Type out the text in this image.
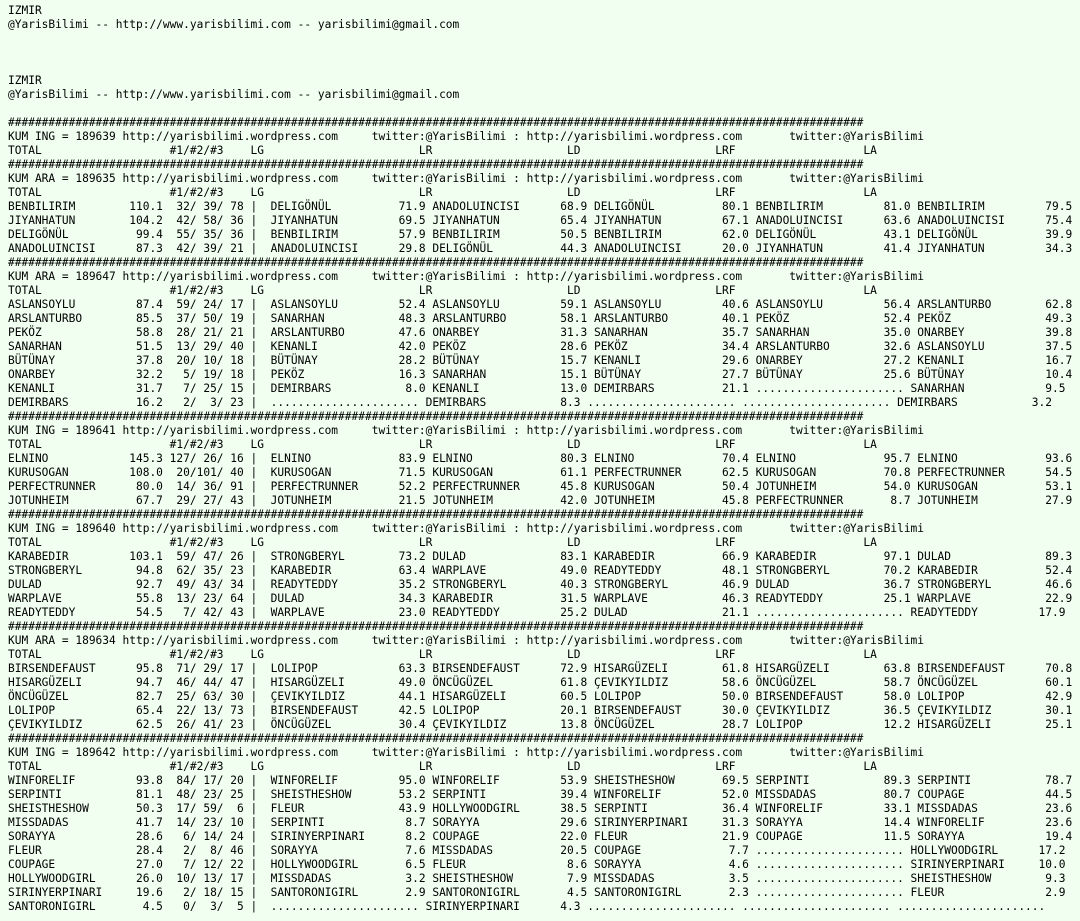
IZMIR
@YarisBilimi -- http://www.yarisbilimi.com -- yarisbilimi@gmail.com

IZMIR
@YarisBilimi -- http://www.yarisbilimi.com -- yarisbilimi@gmail.com

###############################################################################################################################
KUM ING = 189639 http://yarisbilimi.wordpress.com     twitter:@YarisBilimi : http://yarisbilimi.wordpress.com       twitter:@YarisBilimi
TOTAL                   #1/#2/#3    LG                       LR                    LD                    LRF                   LA
###############################################################################################################################
KUM ARA = 189635 http://yarisbilimi.wordpress.com     twitter:@YarisBilimi : http://yarisbilimi.wordpress.com       twitter:@YarisBilimi
TOTAL                   #1/#2/#3    LG                       LR                    LD                    LRF                   LA
BENBILIRIM        110.1  32/ 39/ 78 |  DELIGÖNÜL          71.9 ANADOLUINCISI      68.9 DELIGÖNÜL          80.1 BENBILIRIM         81.0 BENBILIRIM         79.5
JIYANHATUN        104.2  42/ 58/ 36 |  JIYANHATUN         69.5 JIYANHATUN         65.4 JIYANHATUN         67.1 ANADOLUINCISI      63.6 ANADOLUINCISI      75.4
DELIGÖNÜL          99.4  55/ 35/ 36 |  BENBILIRIM         57.9 BENBILIRIM         50.5 BENBILIRIM         62.0 DELIGÖNÜL          43.1 DELIGÖNÜL          39.9
ANADOLUINCISI      87.3  42/ 39/ 21 |  ANADOLUINCISI      29.8 DELIGÖNÜL          44.3 ANADOLUINCISI      20.0 JIYANHATUN         41.4 JIYANHATUN         34.3
###############################################################################################################################
KUM ARA = 189647 http://yarisbilimi.wordpress.com     twitter:@YarisBilimi : http://yarisbilimi.wordpress.com       twitter:@YarisBilimi
TOTAL                   #1/#2/#3    LG                       LR                    LD                    LRF                   LA
ASLANSOYLU         87.4  59/ 24/ 17 |  ASLANSOYLU         52.4 ASLANSOYLU         59.1 ASLANSOYLU         40.6 ASLANSOYLU         56.4 ARSLANTURBO        62.8
ARSLANTURBO        85.5  37/ 50/ 19 |  SANARHAN           48.3 ARSLANTURBO        58.1 ARSLANTURBO        40.1 PEKÖZ              52.4 PEKÖZ              49.3
PEKÖZ              58.8  28/ 21/ 21 |  ARSLANTURBO        47.6 ONARBEY            31.3 SANARHAN           35.7 SANARHAN           35.0 ONARBEY            39.8
SANARHAN           51.5  13/ 29/ 40 |  KENANLI            42.0 PEKÖZ              28.6 PEKÖZ              34.4 ARSLANTURBO        32.6 ASLANSOYLU         37.5
BÜTÜNAY            37.8  20/ 10/ 18 |  BÜTÜNAY            28.2 BÜTÜNAY            15.7 KENANLI            29.6 ONARBEY            27.2 KENANLI            16.7
ONARBEY            32.2   5/ 19/ 18 |  PEKÖZ              16.3 SANARHAN           15.1 BÜTÜNAY            27.7 BÜTÜNAY            25.6 BÜTÜNAY            10.4
KENANLI            31.7   7/ 25/ 15 |  DEMIRBARS           8.0 KENANLI            13.0 DEMIRBARS          21.1 ...................... SANARHAN            9.5
DEMIRBARS          16.2   2/  3/ 23 |  ...................... DEMIRBARS           8.3 ...................... ...................... DEMIRBARS           3.2
###############################################################################################################################
KUM ING = 189641 http://yarisbilimi.wordpress.com     twitter:@YarisBilimi : http://yarisbilimi.wordpress.com       twitter:@YarisBilimi
TOTAL                   #1/#2/#3    LG                       LR                    LD                    LRF                   LA
ELNINO            145.3 127/ 26/ 16 |  ELNINO             83.9 ELNINO             80.3 ELNINO             70.4 ELNINO             95.7 ELNINO             93.6
KURUSOGAN         108.0  20/101/ 40 |  KURUSOGAN          71.5 KURUSOGAN          61.1 PERFECTRUNNER      62.5 KURUSOGAN          70.8 PERFECTRUNNER      54.5
PERFECTRUNNER      80.0  14/ 36/ 91 |  PERFECTRUNNER      52.2 PERFECTRUNNER      45.8 KURUSOGAN          50.4 JOTUNHEIM          54.0 KURUSOGAN          53.1
JOTUNHEIM          67.7  29/ 27/ 43 |  JOTUNHEIM          21.5 JOTUNHEIM          42.0 JOTUNHEIM          45.8 PERFECTRUNNER       8.7 JOTUNHEIM          27.9
###############################################################################################################################
KUM ING = 189640 http://yarisbilimi.wordpress.com     twitter:@YarisBilimi : http://yarisbilimi.wordpress.com       twitter:@YarisBilimi
TOTAL                   #1/#2/#3    LG                       LR                    LD                    LRF                   LA
KARABEDIR         103.1  59/ 47/ 26 |  STRONGBERYL        73.2 DULAD              83.1 KARABEDIR          66.9 KARABEDIR          97.1 DULAD              89.3
STRONGBERYL        94.8  62/ 35/ 23 |  KARABEDIR          63.4 WARPLAVE           49.0 READYTEDDY         48.1 STRONGBERYL        70.2 KARABEDIR          52.4
DULAD              92.7  49/ 43/ 34 |  READYTEDDY         35.2 STRONGBERYL        40.3 STRONGBERYL        46.9 DULAD              36.7 STRONGBERYL        46.6
WARPLAVE           55.8  13/ 23/ 64 |  DULAD              34.3 KARABEDIR          31.5 WARPLAVE           46.3 READYTEDDY         25.1 WARPLAVE           22.9
READYTEDDY         54.5   7/ 42/ 43 |  WARPLAVE           23.0 READYTEDDY         25.2 DULAD              21.1 ...................... READYTEDDY         17.9
###############################################################################################################################
KUM ARA = 189634 http://yarisbilimi.wordpress.com     twitter:@YarisBilimi : http://yarisbilimi.wordpress.com       twitter:@YarisBilimi
TOTAL                   #1/#2/#3    LG                       LR                    LD                    LRF                   LA
BIRSENDEFAUST      95.8  71/ 29/ 17 |  LOLIPOP            63.3 BIRSENDEFAUST      72.9 HISARGÜZELI        61.8 HISARGÜZELI        63.8 BIRSENDEFAUST      70.8
HISARGÜZELI        94.7  46/ 44/ 47 |  HISARGÜZELI        49.0 ÖNCÜGÜZEL          61.8 ÇEVIKYILDIZ        58.6 ÖNCÜGÜZEL          58.7 ÖNCÜGÜZEL          60.1
ÖNCÜGÜZEL          82.7  25/ 63/ 30 |  ÇEVIKYILDIZ        44.1 HISARGÜZELI        60.5 LOLIPOP            50.0 BIRSENDEFAUST      58.0 LOLIPOP            42.9
LOLIPOP            65.4  22/ 13/ 73 |  BIRSENDEFAUST      42.5 LOLIPOP            20.1 BIRSENDEFAUST      30.0 ÇEVIKYILDIZ        36.5 ÇEVIKYILDIZ        30.1
ÇEVIKYILDIZ        62.5  26/ 41/ 23 |  ÖNCÜGÜZEL          30.4 ÇEVIKYILDIZ        13.8 ÖNCÜGÜZEL          28.7 LOLIPOP            12.2 HISARGÜZELI        25.1
###############################################################################################################################
KUM ING = 189642 http://yarisbilimi.wordpress.com     twitter:@YarisBilimi : http://yarisbilimi.wordpress.com       twitter:@YarisBilimi
TOTAL                   #1/#2/#3    LG                       LR                    LD                    LRF                   LA
WINFORELIF         93.8  84/ 17/ 20 |  WINFORELIF         95.0 WINFORELIF         53.9 SHEISTHESHOW       69.5 SERPINTI           89.3 SERPINTI           78.7
SERPINTI           81.1  48/ 23/ 25 |  SHEISTHESHOW       53.2 SERPINTI           39.4 WINFORELIF         52.0 MISSDADAS          80.7 COUPAGE            44.5
SHEISTHESHOW       50.3  17/ 59/  6 |  FLEUR              43.9 HOLLYWOODGIRL      38.5 SERPINTI           36.4 WINFORELIF         33.1 MISSDADAS          23.6
MISSDADAS          41.7  14/ 23/ 10 |  SERPINTI            8.7 SORAYYA            29.6 SIRINYERPINARI     31.3 SORAYYA            14.4 WINFORELIF         23.6
SORAYYA            28.6   6/ 14/ 24 |  SIRINYERPINARI      8.2 COUPAGE            22.0 FLEUR              21.9 COUPAGE            11.5 SORAYYA            19.4
FLEUR              28.4   2/  8/ 46 |  SORAYYA             7.6 MISSDADAS          20.5 COUPAGE             7.7 ...................... HOLLYWOODGIRL      17.2
COUPAGE            27.0   7/ 12/ 22 |  HOLLYWOODGIRL       6.5 FLEUR               8.6 SORAYYA             4.6 ...................... SIRINYERPINARI     10.0
HOLLYWOODGIRL      26.0  10/ 13/ 17 |  MISSDADAS           3.2 SHEISTHESHOW        7.9 MISSDADAS           3.5 ...................... SHEISTHESHOW        9.3
SIRINYERPINARI     19.6   2/ 18/ 15 |  SANTORONIGIRL       2.9 SANTORONIGIRL       4.5 SANTORONIGIRL       2.3 ...................... FLEUR               2.9
SANTORONIGIRL       4.5   0/  3/  5 |  ...................... SIRINYERPINARI      4.3 ...................... ...................... ......................
